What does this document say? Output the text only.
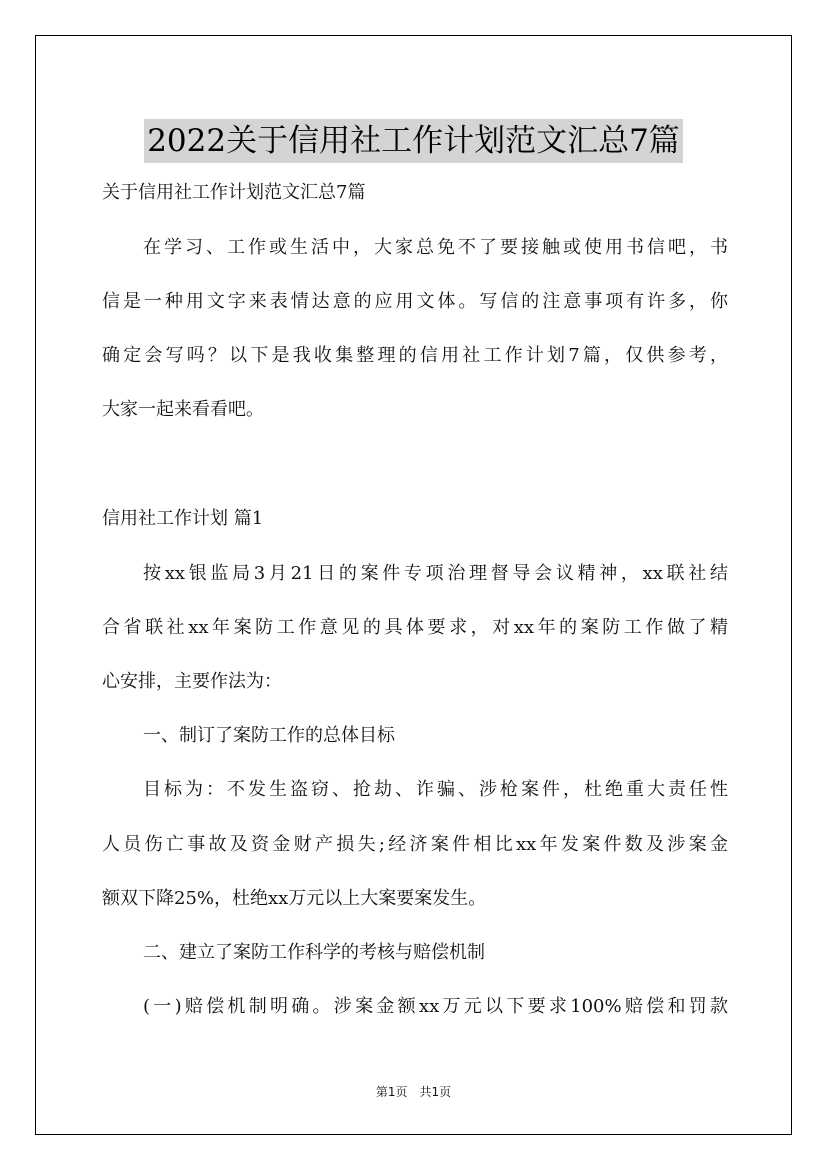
2022关于信用社工作计划范文汇总7篇
关于信用社工作计划范文汇总7篇
在学习、工作或生活中，大家总免不了要接触或使用书信吧，书
信是一种用文字来表情达意的应用文体。写信的注意事项有许多，你
确定会写吗？以下是我收集整理的信用社工作计划7篇，仅供参考，
大家一起来看看吧。
信用社工作计划 篇1
按xx银监局3月21日的案件专项治理督导会议精神，xx联社结
合省联社xx年案防工作意见的具体要求，对xx年的案防工作做了精
心安排，主要作法为：
一、制订了案防工作的总体目标
目标为：不发生盗窃、抢劫、诈骗、涉枪案件，杜绝重大责任性
人员伤亡事故及资金财产损失;经济案件相比xx年发案件数及涉案金
额双下降25%，杜绝xx万元以上大案要案发生。
二、建立了案防工作科学的考核与赔偿机制
(一)赔偿机制明确。涉案金额xx万元以下要求100%赔偿和罚款
第1页 共1页
